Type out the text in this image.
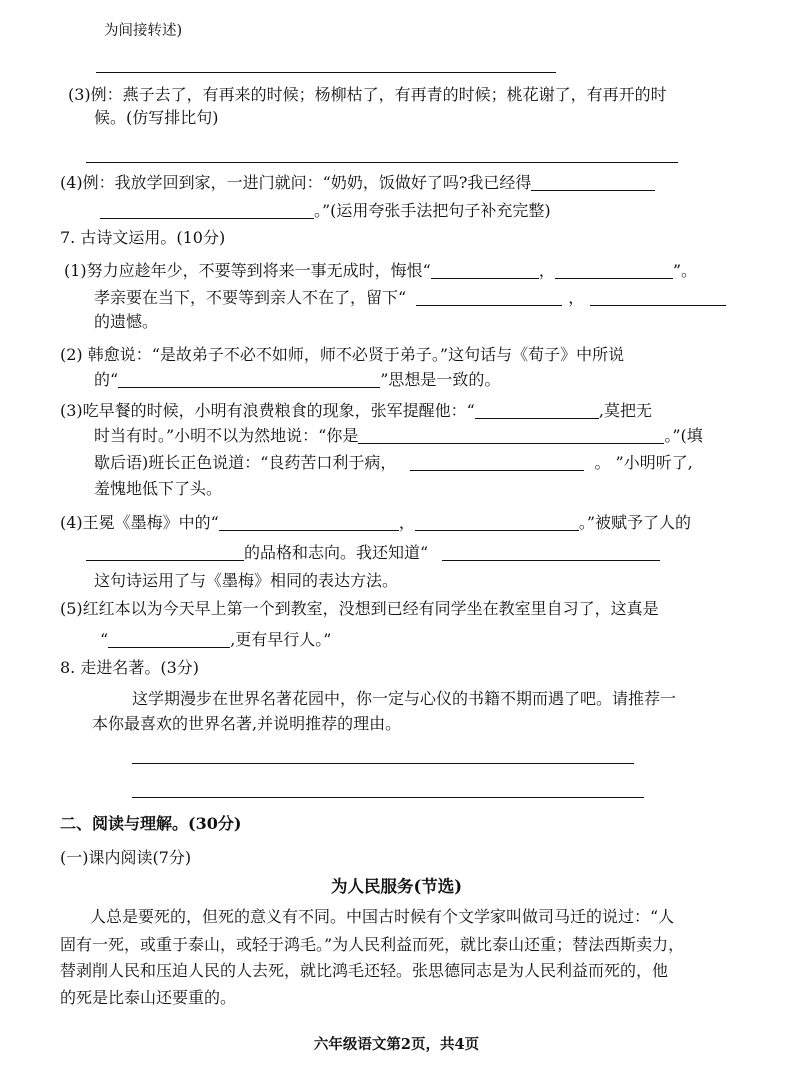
为间接转述)
(3)例：燕子去了，有再来的时候；杨柳枯了，有再青的时候；桃花谢了，有再开的时
候。(仿写排比句)
(4)例：我放学回到家，一进门就问：“奶奶，饭做好了吗?我已经得
。”(运用夸张手法把句子补充完整)
7. 古诗文运用。(10分)
(1)努力应趁年少，不要等到将来一事无成时，悔恨“	，	”。
孝亲要在当下，不要等到亲人不在了，留下“	，
的遗憾。
(2) 韩愈说：“是故弟子不必不如师，师不必贤于弟子。”这句话与《荀子》中所说
的“	”思想是一致的。
(3)吃早餐的时候，小明有浪费粮食的现象，张军提醒他：“	,莫把无
时当有时。”小明不以为然地说：“你是	。”(填
歇后语)班长正色说道：“良药苦口利于病，	。 ”小明听了,
羞愧地低下了头。
(4)王冕《墨梅》中的“	，	。”被赋予了人的
的品格和志向。我还知道“
这句诗运用了与《墨梅》相同的表达方法。
(5)红红本以为今天早上第一个到教室，没想到已经有同学坐在教室里自习了，这真是
“	,更有早行人。”
8. 走进名著。(3分)
这学期漫步在世界名著花园中，你一定与心仪的书籍不期而遇了吧。请推荐一
本你最喜欢的世界名著,并说明推荐的理由。
二、阅读与理解。(30分)
(一)课内阅读(7分)
为人民服务(节选)
人总是要死的，但死的意义有不同。中国古时候有个文学家叫做司马迁的说过：“人
固有一死，或重于泰山，或轻于鸿毛。”为人民利益而死，就比泰山还重；替法西斯卖力，
替剥削人民和压迫人民的人去死，就比鸿毛还轻。张思德同志是为人民利益而死的，他
的死是比泰山还要重的。
六年级语文第2页，共4页
